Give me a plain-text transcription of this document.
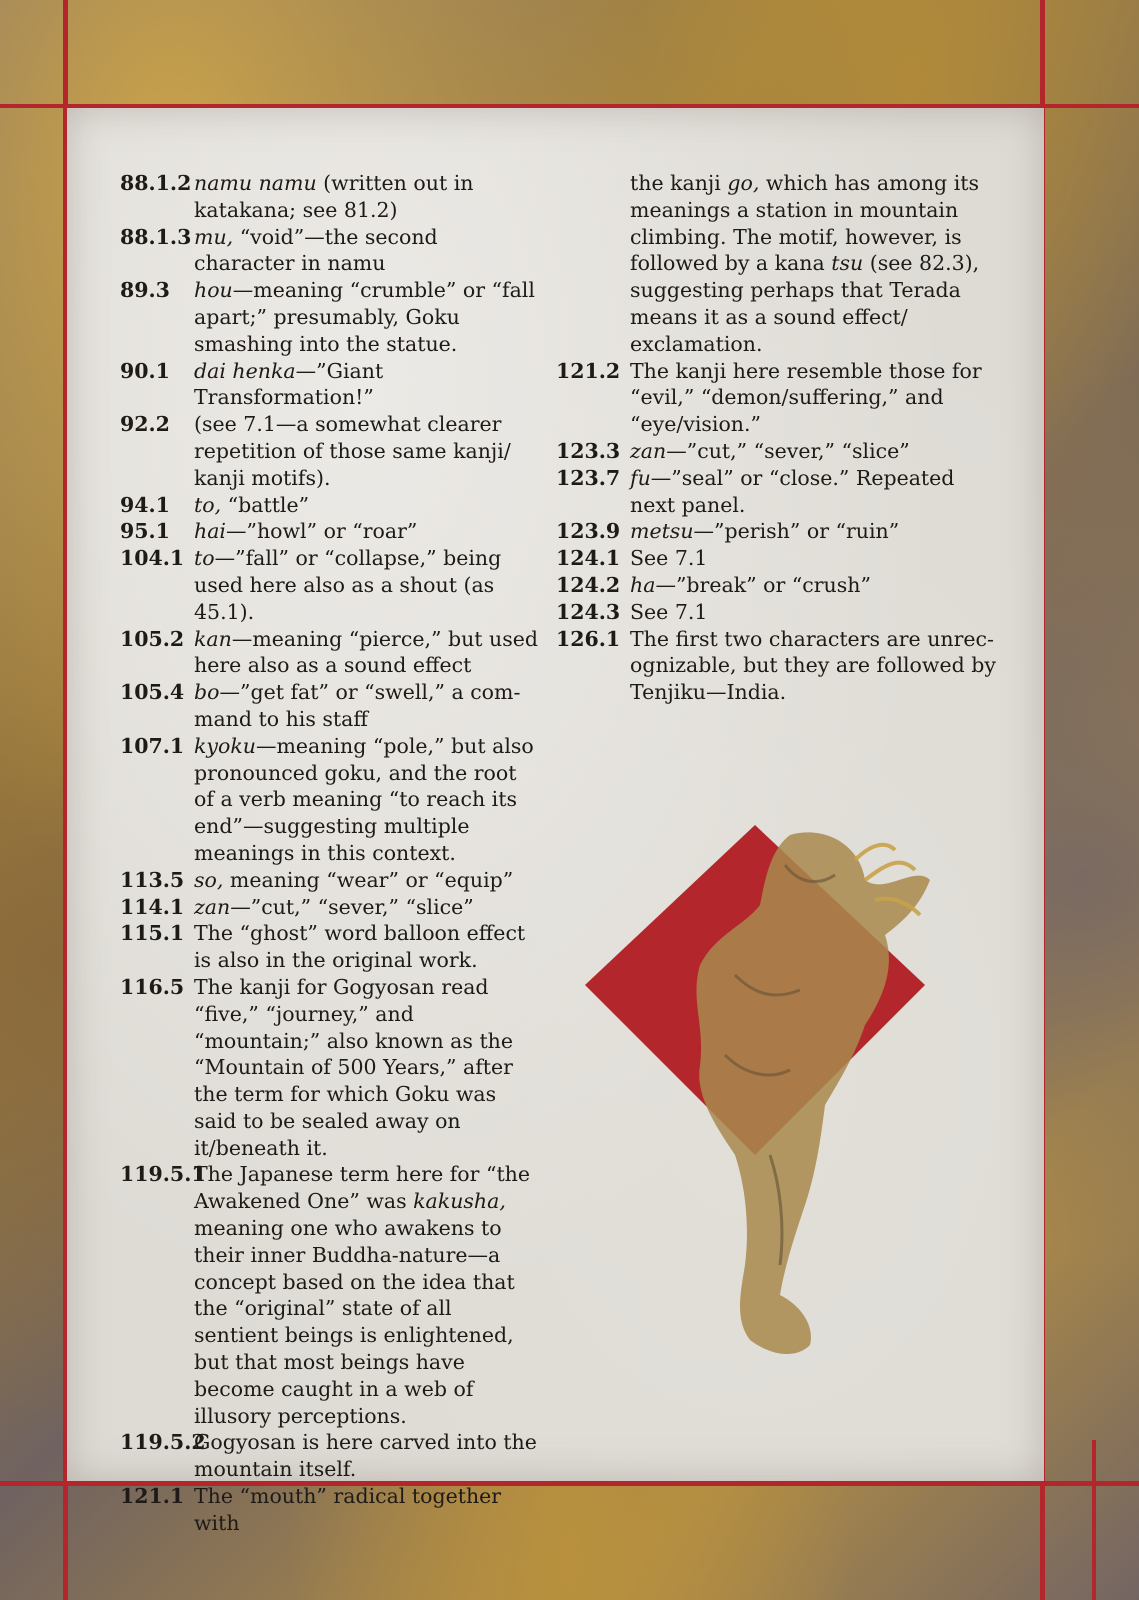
88.1.2 namu namu (written out in katakana; see 81.2)
88.1.3 mu, “void”—the second character in namu
89.3	hou—meaning “crumble” or “fall apart;” presumably, Goku smashing into the statue.
90.1	dai henka—”Giant Transformation!”
92.2	(see 7.1—a somewhat clearer repetition of those same kanji/ kanji motifs).
94.1	to, “battle”
95.1	hai—”howl” or “roar”
104.1 to—”fall” or “collapse,” being used here also as a shout (as 45.1).
105.2 kan—meaning “pierce,” but used here also as a sound effect
105.4 bo—”get fat” or “swell,” a com- mand to his staff
107.1 kyoku—meaning “pole,” but also pronounced goku, and the root of a verb meaning “to reach its end”—suggesting multiple meanings in this context.
113.5 so, meaning “wear” or “equip”
114.1 zan—”cut,” “sever,” “slice”
115.1 The “ghost” word balloon effect is also in the original work.
116.5 The kanji for Gogyosan read “five,” “journey,” and “mountain;” also known as the “Mountain of 500 Years,” after the term for which Goku was said to be sealed away on it/beneath it.
119.5.1
The Japanese term here for “the Awakened One” was kakusha, meaning one who awakens to their inner Buddha-nature—a concept based on the idea that the “original” state of all sentient beings is enlightened, but that most beings have become caught in a web of illusory perceptions.
119.5.2
Gogyosan is here carved into the mountain itself.
121.1 The “mouth” radical together with
the kanji go, which has among its meanings a station in mountain climbing. The motif, however, is followed by a kana tsu (see 82.3), suggesting perhaps that Terada means it as a sound effect/ exclamation.
121.2 The kanji here resemble those for “evil,” “demon/suffering,” and “eye/vision.”
123.3 zan—”cut,” “sever,” “slice”
123.7 fu—”seal” or “close.” Repeated next panel.
123.9 metsu—”perish” or “ruin”
124.1 See 7.1
124.2 ha—”break” or “crush”
124.3 See 7.1
126.1 The first two characters are unrec- ognizable, but they are followed by Tenjiku—India.
